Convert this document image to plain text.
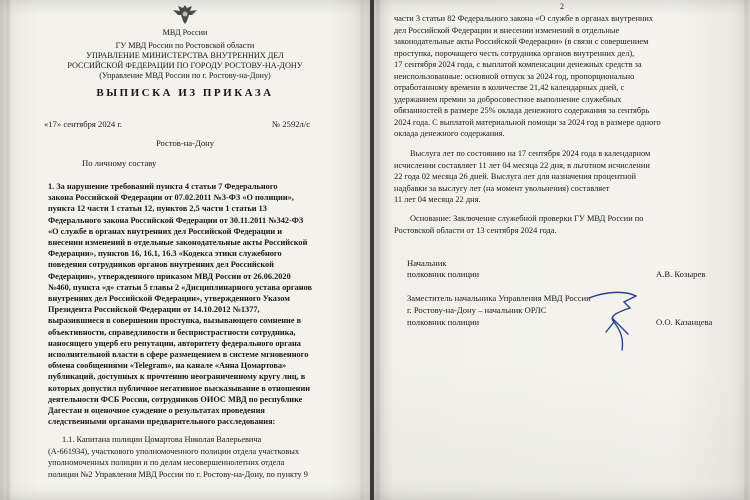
МВД России
ГУ МВД России по Ростовской области
УПРАВЛЕНИЕ МИНИСТЕРСТВА ВНУТРЕННИХ ДЕЛ
РОССИЙСКОЙ ФЕДЕРАЦИИ ПО ГОРОДУ РОСТОВУ-НА-ДОНУ
(Управление МВД России по г. Ростову-на-Дону)
ВЫПИСКА ИЗ ПРИКАЗА
«17» сентября 2024 г.	№ 2592л/с
Ростов-на-Дону
По личному составу

1. За нарушение требований пункта 4 статьи 7 Федерального

закона Российской Федерации от 07.02.2011 №3-ФЗ «О полиции»,

пункта 12 части 1 статьи 12, пунктов 2,5 части 1 статьи 13

Федерального закона Российской Федерации от 30.11.2011 №342-ФЗ

«О службе в органах внутренних дел Российской Федерации и

внесении изменений в отдельные законодательные акты Российской

Федерации», пунктов 16, 16.1, 16.3 «Кодекса этики служебного

поведения сотрудников органов внутренних дел Российской

Федерации», утвержденного приказом МВД России от 26.06.2020

№460, пункта «д» статьи 5 главы 2 «Дисциплинарного устава органов

внутренних дел Российской Федерации», утвержденного Указом

Президента Российской Федерации от 14.10.2012 №1377,

выразившиеся в совершении проступка, вызывающего сомнение в

объективности, справедливости и беспристрастности сотрудника,

наносящего ущерб его репутации, авторитету федерального органа

исполнительной власти в сфере размещением в системе мгновенного

обмена сообщениями «Telegram», на канале «Анна Цомартова»

публикаций, доступных к прочтению неограниченному кругу лиц, в

которых допустил публичное негативное высказывание в отношении

деятельности ФСБ России, сотрудников ОИОС МВД по республике

Дагестан и оценочное суждение о результатах проведения

следственными органами предварительного расследования:

1.1. Капитана полиции Цомартова Николая Валерьевича

(А-661934), участкового уполномоченного полиции отдела участковых

уполномоченных полиции и по делам несовершеннолетних отдела

полиции №2 Управления МВД России по г. Ростову-на-Дону, по пункту 9

2

части 3 статьи 82 Федерального закона «О службе в органах внутренних

дел Российской Федерации и внесении изменений в отдельные

законодательные акты Российской Федерации» (в связи с совершением

проступка, порочащего честь сотрудника органов внутренних дел),

17 сентября 2024 года, с выплатой компенсации денежных средств за

неиспользованные: основной отпуск за 2024 год, пропорционально

отработанному времени в количестве 21,42 календарных дней, с

удержанием премии за добросовестное выполнение служебных

обязанностей в размере 25% оклада денежного содержания за сентябрь

2024 года. С выплатой материальной помощи за 2024 год в размере одного

оклада денежного содержания.

Выслуга лет по состоянию на 17 сентября 2024 года в календарном

исчислении составляет 11 лет 04 месяца 22 дня, в льготном исчислении

22 года 02 месяца 26 дней. Выслуга лет для назначения процентной

надбавки за выслугу лет (на момент увольнения) составляет

11 лет 04 месяца 22 дня.

Основание: Заключение служебной проверки ГУ МВД России по

Ростовской области от 13 сентября 2024 года.

Начальник
полковник полиции	А.В. Козырев
Заместитель начальника Управления МВД России
г. Ростову-на-Дону – начальник ОРЛС
полковник полиции	О.О. Казанцева
